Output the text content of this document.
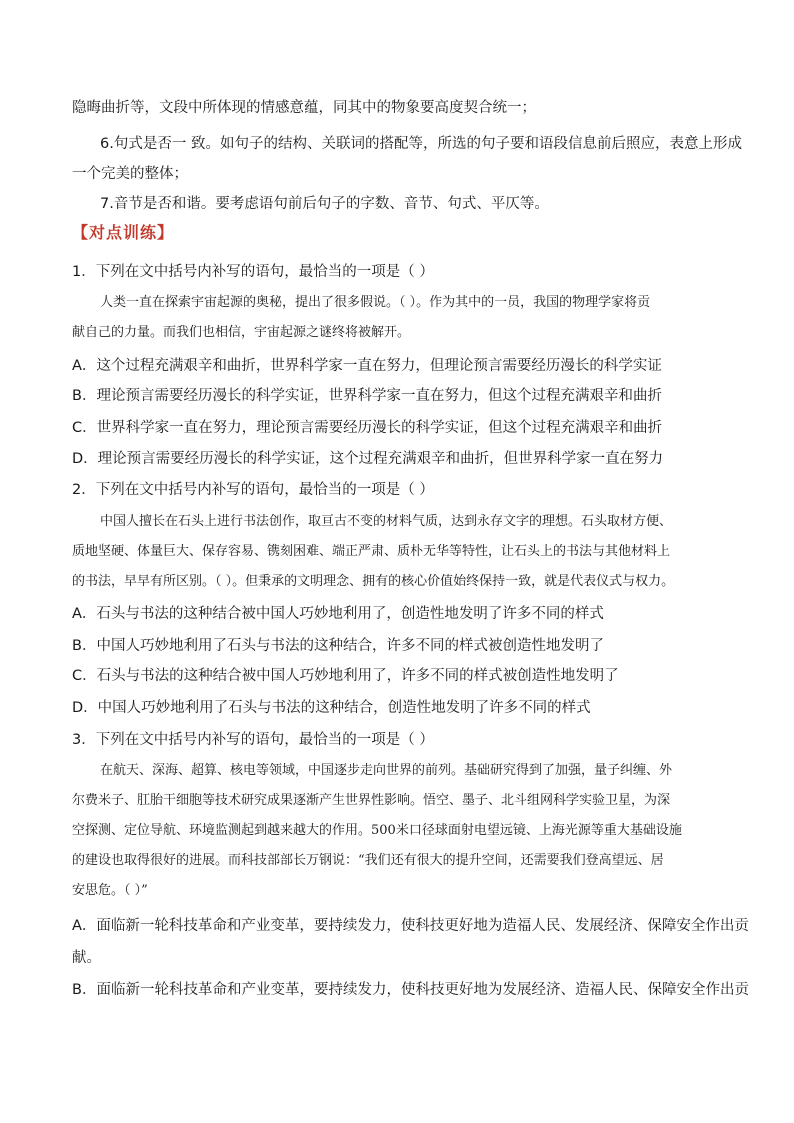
隐晦曲折等，文段中所体现的情感意蕴，同其中的物象要高度契合统一；
6.句式是否一 致。如句子的结构、关联词的搭配等，所选的句子要和语段信息前后照应，表意上形成
一个完美的整体；
7.音节是否和谐。要考虑语句前后句子的字数、音节、句式、平仄等。
【对点训练】
1．下列在文中括号内补写的语句，最恰当的一项是（ ）
人类一直在探索宇宙起源的奥秘，提出了很多假说。（ ）。作为其中的一员，我国的物理学家将贡
献自己的力量。而我们也相信，宇宙起源之谜终将被解开。
A．这个过程充满艰辛和曲折，世界科学家一直在努力，但理论预言需要经历漫长的科学实证
B．理论预言需要经历漫长的科学实证，世界科学家一直在努力，但这个过程充满艰辛和曲折
C．世界科学家一直在努力，理论预言需要经历漫长的科学实证，但这个过程充满艰辛和曲折
D．理论预言需要经历漫长的科学实证，这个过程充满艰辛和曲折，但世界科学家一直在努力
2．下列在文中括号内补写的语句，最恰当的一项是（ ）
中国人擅长在石头上进行书法创作，取亘古不变的材料气质，达到永存文字的理想。石头取材方便、
质地坚硬、体量巨大、保存容易、镌刻困难、端正严肃、质朴无华等特性，让石头上的书法与其他材料上
的书法，早早有所区别。（ ）。但秉承的文明理念、拥有的核心价值始终保持一致，就是代表仪式与权力。
A．石头与书法的这种结合被中国人巧妙地利用了，创造性地发明了许多不同的样式
B．中国人巧妙地利用了石头与书法的这种结合，许多不同的样式被创造性地发明了
C．石头与书法的这种结合被中国人巧妙地利用了，许多不同的样式被创造性地发明了
D．中国人巧妙地利用了石头与书法的这种结合，创造性地发明了许多不同的样式
3．下列在文中括号内补写的语句，最恰当的一项是（ ）
在航天、深海、超算、核电等领域，中国逐步走向世界的前列。基础研究得到了加强，量子纠缠、外
尔费米子、肛胎干细胞等技术研究成果逐渐产生世界性影响。悟空、墨子、北斗组网科学实验卫星，为深
空探测、定位导航、环境监测起到越来越大的作用。500米口径球面射电望远镜、上海光源等重大基础设施
的建设也取得很好的进展。而科技部部长万钢说：“我们还有很大的提升空间，还需要我们登高望远、居
安思危。（ ）”
A．面临新一轮科技革命和产业变革，要持续发力，使科技更好地为造福人民、发展经济、保障安全作出贡
献。
B．面临新一轮科技革命和产业变革，要持续发力，使科技更好地为发展经济、造福人民、保障安全作出贡
